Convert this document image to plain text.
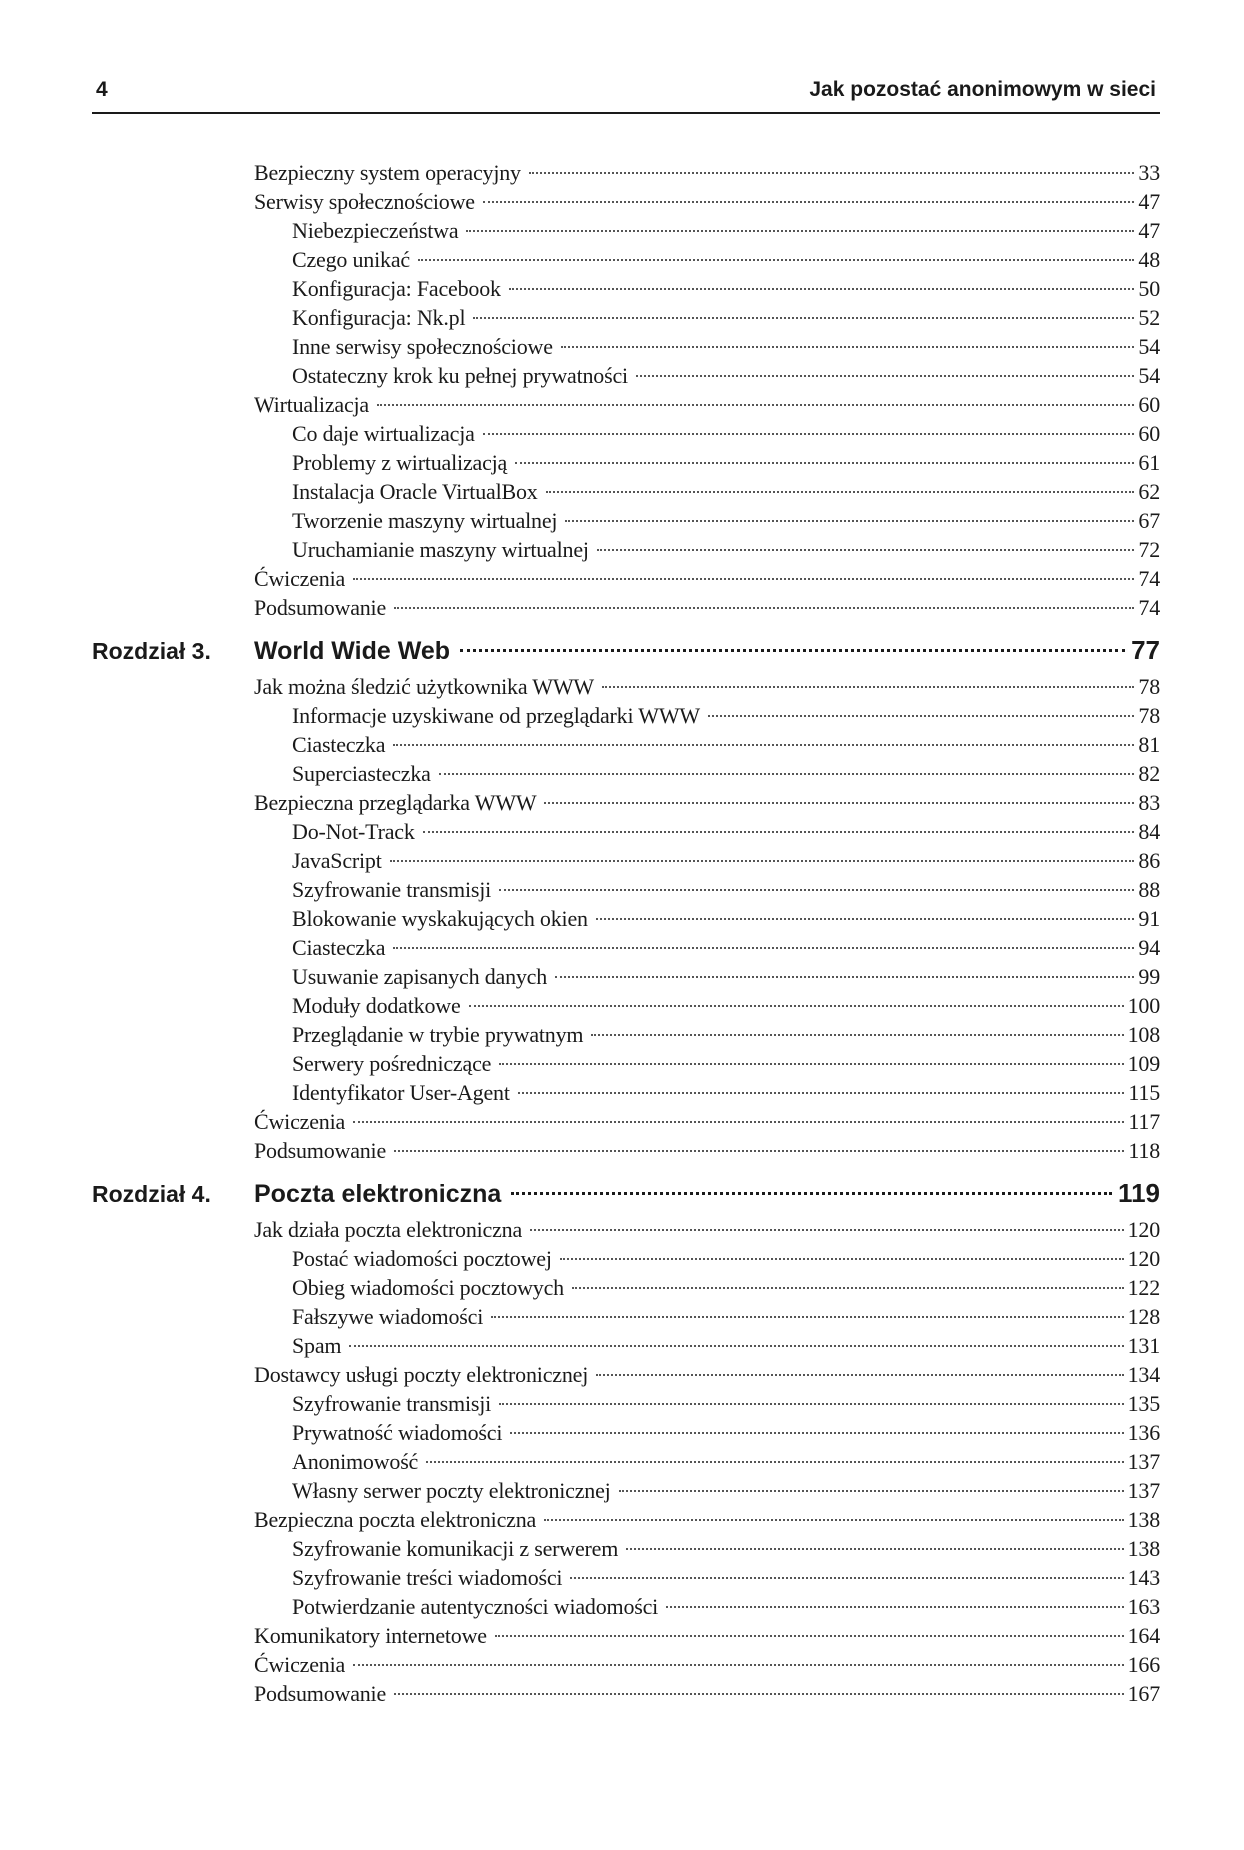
4	Jak pozostać anonimowym w sieci
Bezpieczny system operacyjny	33
Serwisy społecznościowe	47
Niebezpieczeństwa	47
Czego unikać	48
Konfiguracja: Facebook	50
Konfiguracja: Nk.pl	52
Inne serwisy społecznościowe	54
Ostateczny krok ku pełnej prywatności	54
Wirtualizacja	60
Co daje wirtualizacja	60
Problemy z wirtualizacją	61
Instalacja Oracle VirtualBox	62
Tworzenie maszyny wirtualnej	67
Uruchamianie maszyny wirtualnej	72
Ćwiczenia	74
Podsumowanie	74
Rozdział 3.	World Wide Web	77
Jak można śledzić użytkownika WWW	78
Informacje uzyskiwane od przeglądarki WWW	78
Ciasteczka	81
Superciasteczka	82
Bezpieczna przeglądarka WWW	83
Do-Not-Track	84
JavaScript	86
Szyfrowanie transmisji	88
Blokowanie wyskakujących okien	91
Ciasteczka	94
Usuwanie zapisanych danych	99
Moduły dodatkowe	100
Przeglądanie w trybie prywatnym	108
Serwery pośredniczące	109
Identyfikator User-Agent	115
Ćwiczenia	117
Podsumowanie	118
Rozdział 4.	Poczta elektroniczna	119
Jak działa poczta elektroniczna	120
Postać wiadomości pocztowej	120
Obieg wiadomości pocztowych	122
Fałszywe wiadomości	128
Spam	131
Dostawcy usługi poczty elektronicznej	134
Szyfrowanie transmisji	135
Prywatność wiadomości	136
Anonimowość	137
Własny serwer poczty elektronicznej	137
Bezpieczna poczta elektroniczna	138
Szyfrowanie komunikacji z serwerem	138
Szyfrowanie treści wiadomości	143
Potwierdzanie autentyczności wiadomości	163
Komunikatory internetowe	164
Ćwiczenia	166
Podsumowanie	167
